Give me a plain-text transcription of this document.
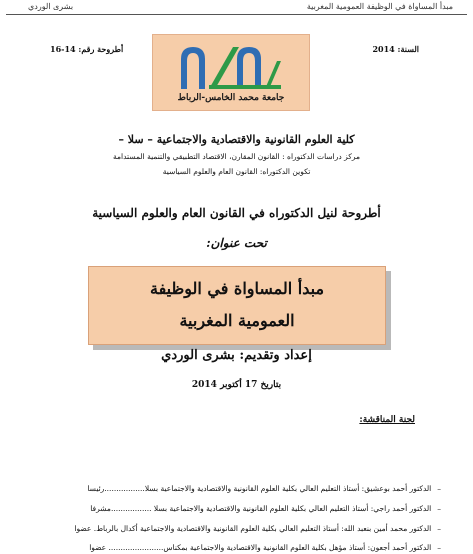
بشرى الوردي	مبدأ المساواة في الوظيفة العمومية المغربية
أطروحة رقم: 16-14	السنة: 2014
جامعة محمد الخامس-الرباط
كلية العلوم القانونية والاقتصادية والاجتماعية – سلا –
مركز دراسات الدكتوراه : القانون المقارن، الاقتصاد التطبيقي والتنمية المستدامة
تكوين الدكتوراه: القانون العام والعلوم السياسية
أطروحة لنيل الدكتوراه في القانون العام والعلوم السياسية
تحت عنوان:
مبدأ المساواة في الوظيفة
العمومية المغربية
إعداد وتقديم: بشرى الوردي
بتاريخ 17 أكتوبر 2014
لجنة المناقشة:
–الدكتور أحمد بوعشيق: أستاذ التعليم العالي بكلية العلوم القانونية والاقتصادية والاجتماعية بسلا.................رئيسا
–الدكتور أحمد راجي: أستاذ التعليم العالي بكلية العلوم القانونية والاقتصادية والاجتماعية بسلا .................مشرفا
–الدكتور محمد أمين بنعبد الله: أستاذ التعليم العالي بكلية العلوم القانونية والاقتصادية والاجتماعية أكدال بالرباط. عضوا
–الدكتور أحمد أجعون: أستاذ مؤهل بكلية العلوم القانونية والاقتصادية والاجتماعية بمكناس....................... عضوا
